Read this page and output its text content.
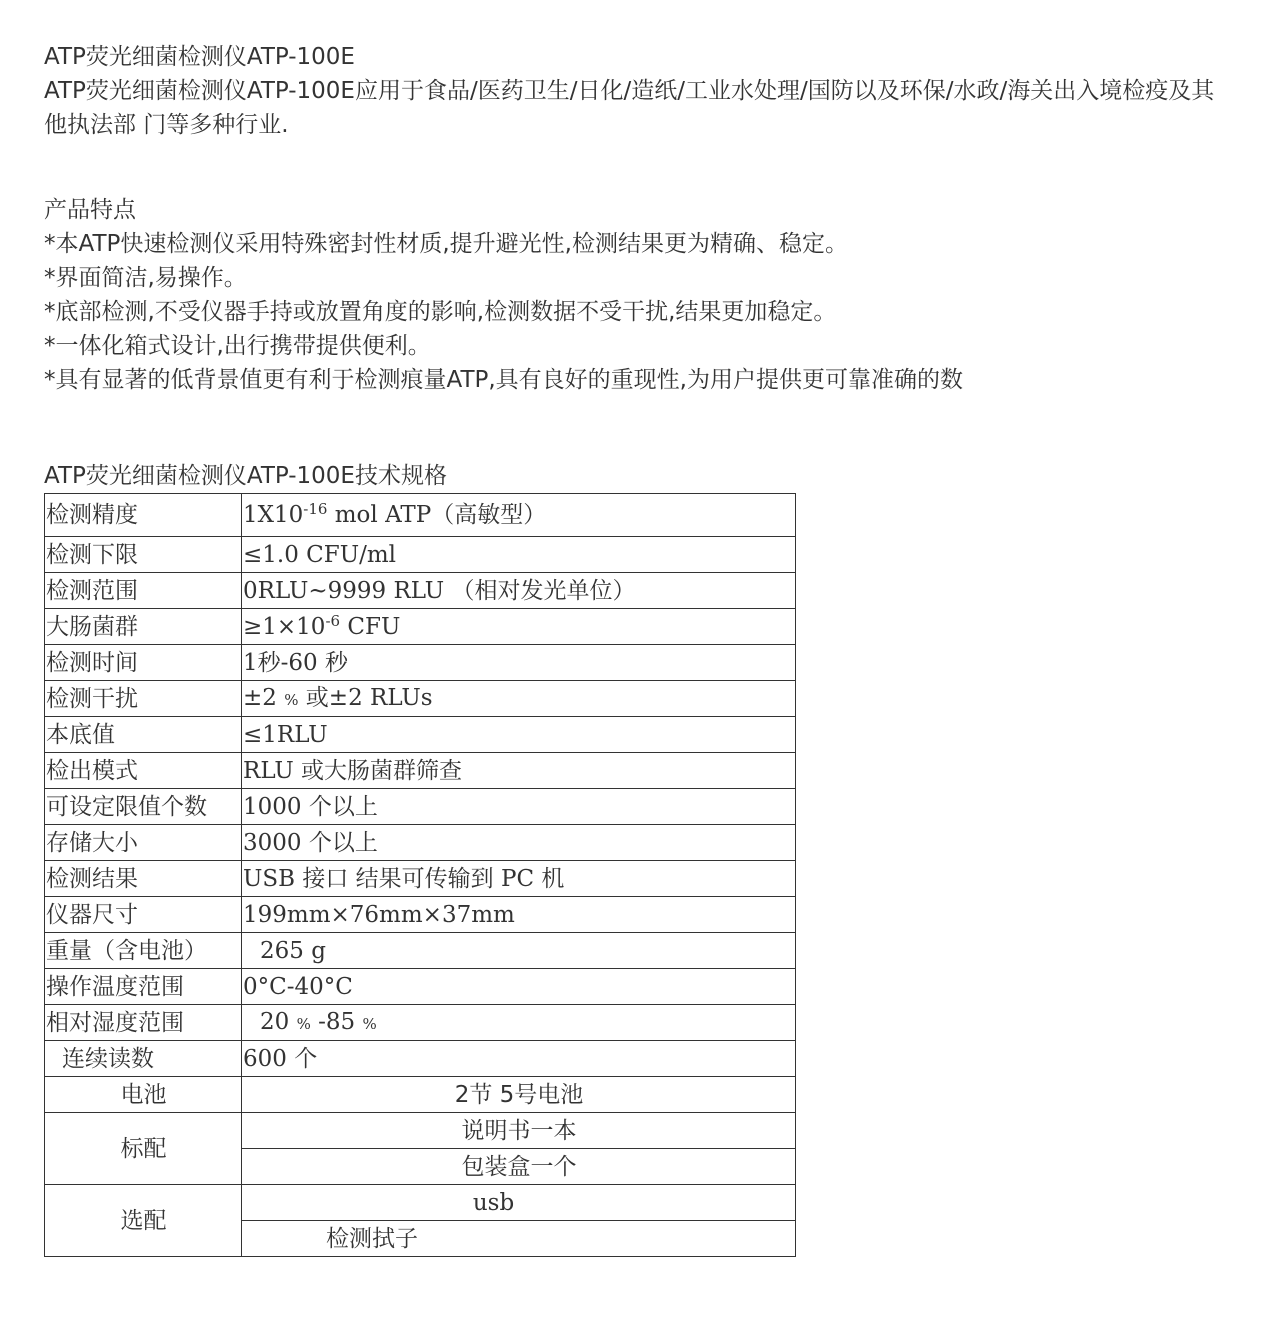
ATP荧光细菌检测仪ATP-100E
ATP荧光细菌检测仪ATP-100E应用于食品/医药卫生/日化/造纸/工业水处理/国防以及环保/水政/海关出入境检疫及其他执法部 门等多种行业.
产品特点
*本ATP快速检测仪采用特殊密封性材质,提升避光性,检测结果更为精确、稳定。
*界面简洁,易操作。
*底部检测,不受仪器手持或放置角度的影响,检测数据不受干扰,结果更加稳定。
*一体化箱式设计,出行携带提供便利。
*具有显著的低背景值更有利于检测痕量ATP,具有良好的重现性,为用户提供更可靠准确的数
ATP荧光细菌检测仪ATP-100E技术规格
检测精度	$1X10^{-16}$ mol ATP（高敏型）
检测下限	≤1.0 CFU/ml
检测范围	0RLU~9999 RLU （相对发光单位）
大肠菌群	$\ge 1\times 10^{-6}$ CFU
检测时间	1秒-60 秒
检测干扰	±2 % 或±2 RLUs
本底值	≤1RLU
检出模式	RLU 或大肠菌群筛查
可设定限值个数	1000 个以上
存储大小	3000 个以上
检测结果	USB 接口 结果可传输到 PC 机
仪器尺寸	199mm×76mm×37mm
重量（含电池）	265 g
操作温度范围	0°C-40°C
相对湿度范围	20 % -85 %
连续读数	600 个
电池	2节 5号电池
标配	说明书一本
	包装盒一个
选配	usb
	检测拭子
